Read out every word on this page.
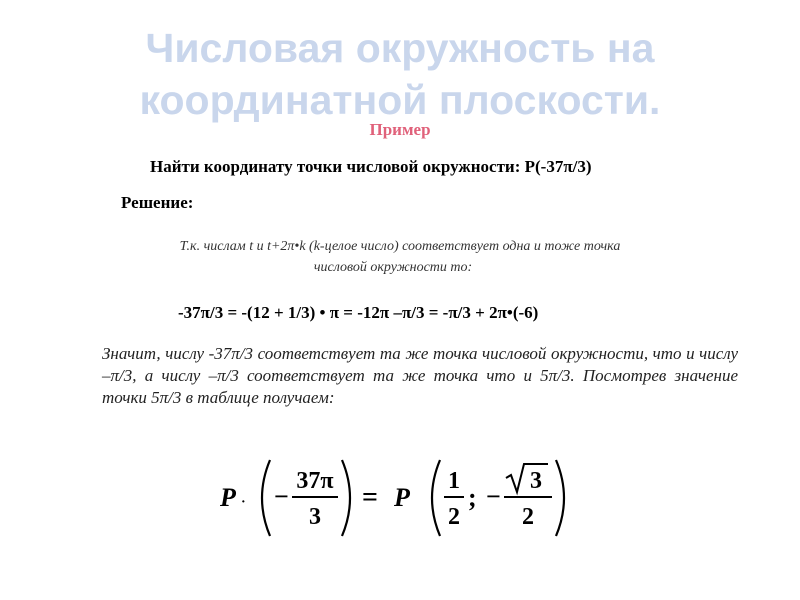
Числовая окружность на
координатной плоскости.
Пример
Найти координату точки числовой окружности: Р(-37π/3)
Решение:
Т.к. числам t и t+2π•k (k-целое число) соответствует одна и тоже точка
числовой окружности то:
-37π/3 = -(12 + 1/3) • π = -12π –π/3 = -π/3 + 2π•(-6)
Значит, числу -37π/3 соответствует та же точка числовой окружности, что и числу –π/3, а числу –π/3 соответствует та же точка что и 5π/3. Посмотрев значение точки 5π/3 в таблице получаем:
P · −
37π
3
= P
1
2
; −
3
2
